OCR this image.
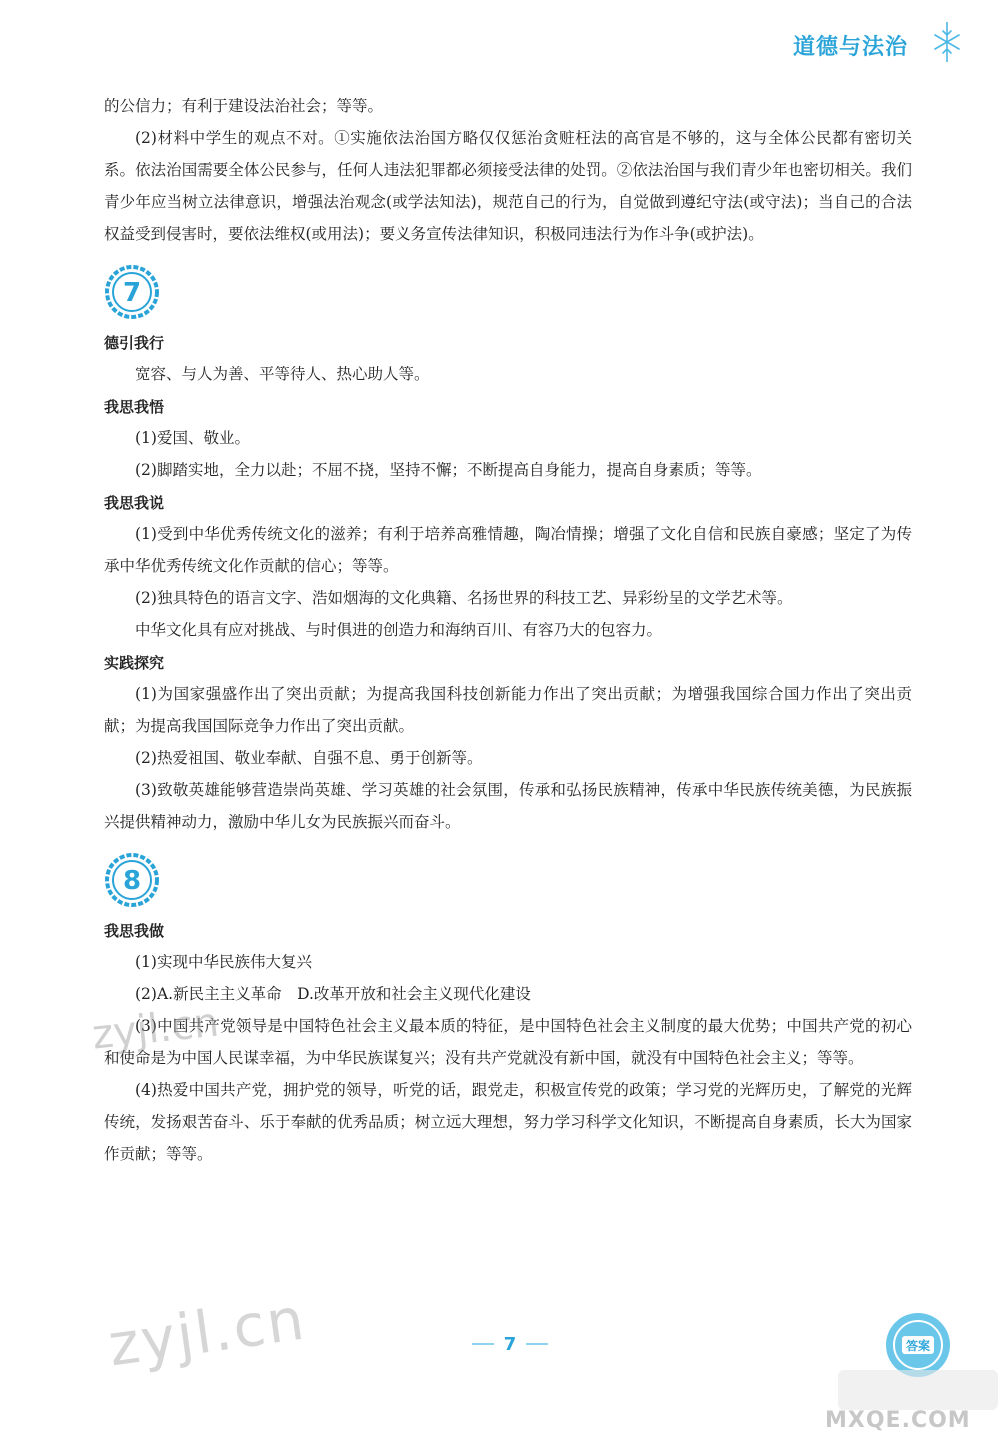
道德与法治

的公信力；有利于建设法治社会；等等。

(2)材料中学生的观点不对。①实施依法治国方略仅仅惩治贪赃枉法的高官是不够的，这与全体公民都有密切关系。依法治国需要全体公民参与，任何人违法犯罪都必须接受法律的处罚。②依法治国与我们青少年也密切相关。我们青少年应当树立法律意识，增强法治观念(或学法知法)，规范自己的行为，自觉做到遵纪守法(或守法)；当自己的合法权益受到侵害时，要依法维权(或用法)；要义务宣传法律知识，积极同违法行为作斗争(或护法)。

7
德引我行

宽容、与人为善、平等待人、热心助人等。

我思我悟

(1)爱国、敬业。

(2)脚踏实地，全力以赴；不屈不挠，坚持不懈；不断提高自身能力，提高自身素质；等等。

我思我说

(1)受到中华优秀传统文化的滋养；有利于培养高雅情趣，陶冶情操；增强了文化自信和民族自豪感；坚定了为传承中华优秀传统文化作贡献的信心；等等。

(2)独具特色的语言文字、浩如烟海的文化典籍、名扬世界的科技工艺、异彩纷呈的文学艺术等。

中华文化具有应对挑战、与时俱进的创造力和海纳百川、有容乃大的包容力。

实践探究

(1)为国家强盛作出了突出贡献；为提高我国科技创新能力作出了突出贡献；为增强我国综合国力作出了突出贡献；为提高我国国际竞争力作出了突出贡献。

(2)热爱祖国、敬业奉献、自强不息、勇于创新等。

(3)致敬英雄能够营造崇尚英雄、学习英雄的社会氛围，传承和弘扬民族精神，传承中华民族传统美德，为民族振兴提供精神动力，激励中华儿女为民族振兴而奋斗。

8
我思我做

(1)实现中华民族伟大复兴

(2)A.新民主主义革命　D.改革开放和社会主义现代化建设

(3)中国共产党领导是中国特色社会主义最本质的特征，是中国特色社会主义制度的最大优势；中国共产党的初心和使命是为中国人民谋幸福，为中华民族谋复兴；没有共产党就没有新中国，就没有中国特色社会主义；等等。

(4)热爱中国共产党，拥护党的领导，听党的话，跟党走，积极宣传党的政策；学习党的光辉历史，了解党的光辉传统，发扬艰苦奋斗、乐于奉献的优秀品质；树立远大理想，努力学习科学文化知识，不断提高自身素质，长大为国家作贡献；等等。

zyjl.cn
7
zyjl.cn	答案
MXQE.COM
